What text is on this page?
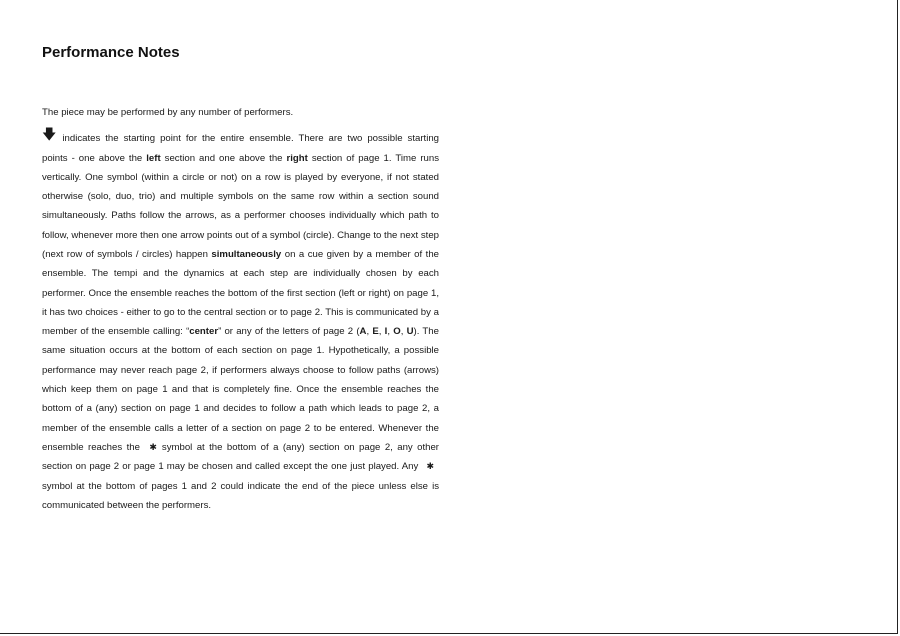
Performance Notes

The piece may be performed by any number of performers.

🡇 indicates the starting point for the entire ensemble. There are two possible starting points - one above the left section and one above the right section of page 1. Time runs vertically. One symbol (within a circle or not) on a row is played by everyone, if not stated otherwise (solo, duo, trio) and multiple symbols on the same row within a section sound simultaneously. Paths follow the arrows, as a performer chooses individually which path to follow, whenever more then one arrow points out of a symbol (circle). Change to the next step (next row of symbols / circles) happen simultaneously on a cue given by a member of the ensemble. The tempi and the dynamics at each step are individually chosen by each performer. Once the ensemble reaches the bottom of the first section (left or right) on page 1, it has two choices - either to go to the central section or to page 2. This is communicated by a member of the ensemble calling: “center” or any of the letters of page 2 (A, E, I, O, U). The same situation occurs at the bottom of each section on page 1. Hypothetically, a possible performance may never reach page 2, if performers always choose to follow paths (arrows) which keep them on page 1 and that is completely fine. Once the ensemble reaches the bottom of a (any) section on page 1 and decides to follow a path which leads to page 2, a member of the ensemble calls a letter of a section on page 2 to be entered. Whenever the ensemble reaches the ✱ symbol at the bottom of a (any) section on page 2, any other section on page 2 or page 1 may be chosen and called except the one just played. Any ✱symbol at the bottom of pages 1 and 2 could indicate the end of the piece unless else is communicated between the performers.
